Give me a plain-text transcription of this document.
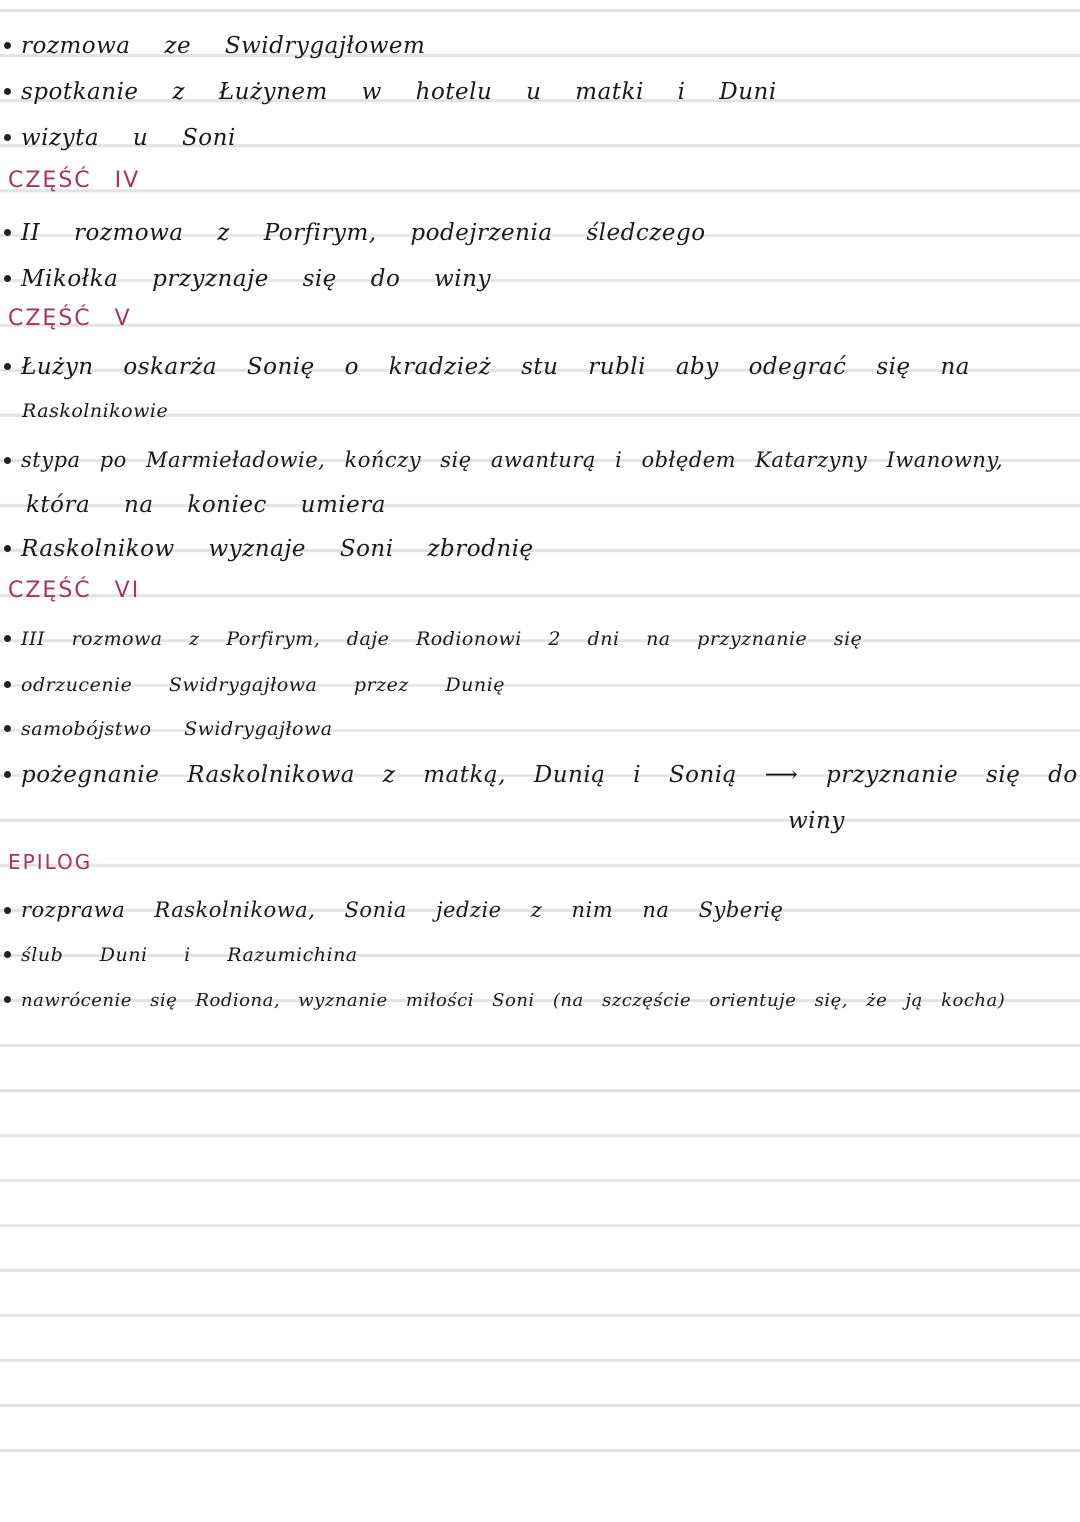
rozmowa ze Swidrygajłowem
spotkanie z Łużynem w hotelu u matki i Duni
wizyta u Soni
CZĘŚĆ IV
II rozmowa z Porfirym, podejrzenia śledczego
Mikołka przyznaje się do winy
CZĘŚĆ V
Łużyn oskarża Sonię o kradzież stu rubli aby odegrać się na
Raskolnikowie
stypa po Marmieładowie, kończy się awanturą i obłędem Katarzyny Iwanowny,
która na koniec umiera
Raskolnikow wyznaje Soni zbrodnię
CZĘŚĆ VI
III rozmowa z Porfirym, daje Rodionowi 2 dni na przyznanie się
odrzucenie Swidrygajłowa przez Dunię
samobójstwo Swidrygajłowa
pożegnanie Raskolnikowa z matką, Dunią i Sonią ⟶ przyznanie się do
winy
EPILOG
rozprawa Raskolnikowa, Sonia jedzie z nim na Syberię
ślub Duni i Razumichina
nawrócenie się Rodiona, wyznanie miłości Soni (na szczęście orientuje się, że ją kocha)
